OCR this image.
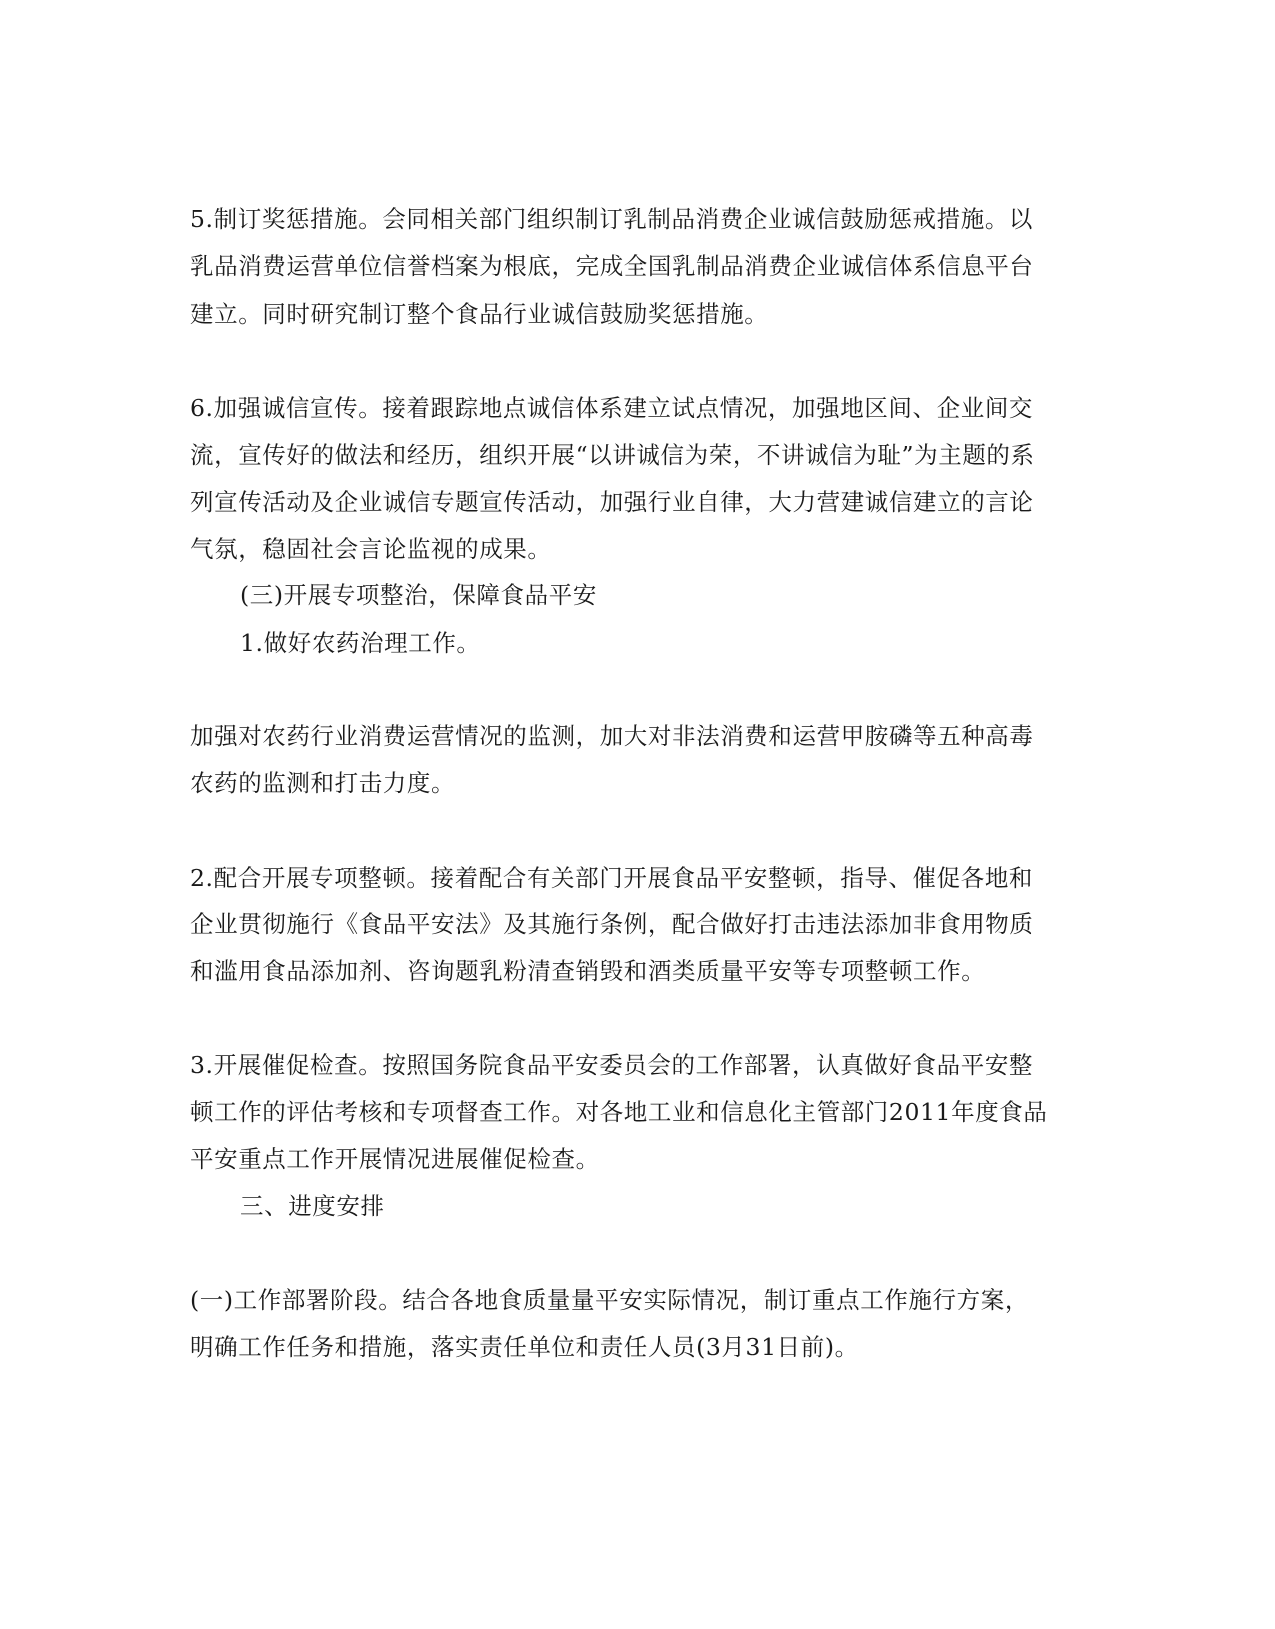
5.制订奖惩措施。会同相关部门组织制订乳制品消费企业诚信鼓励惩戒措施。以
乳品消费运营单位信誉档案为根底，完成全国乳制品消费企业诚信体系信息平台
建立。同时研究制订整个食品行业诚信鼓励奖惩措施。
6.加强诚信宣传。接着跟踪地点诚信体系建立试点情况，加强地区间、企业间交
流，宣传好的做法和经历，组织开展“以讲诚信为荣，不讲诚信为耻”为主题的系
列宣传活动及企业诚信专题宣传活动，加强行业自律，大力营建诚信建立的言论
气氛，稳固社会言论监视的成果。
(三)开展专项整治，保障食品平安
1.做好农药治理工作。
加强对农药行业消费运营情况的监测，加大对非法消费和运营甲胺磷等五种高毒
农药的监测和打击力度。
2.配合开展专项整顿。接着配合有关部门开展食品平安整顿，指导、催促各地和
企业贯彻施行《食品平安法》及其施行条例，配合做好打击违法添加非食用物质
和滥用食品添加剂、咨询题乳粉清查销毁和酒类质量平安等专项整顿工作。
3.开展催促检查。按照国务院食品平安委员会的工作部署，认真做好食品平安整
顿工作的评估考核和专项督查工作。对各地工业和信息化主管部门2011年度食品
平安重点工作开展情况进展催促检查。
三、进度安排
(一)工作部署阶段。结合各地食质量量平安实际情况，制订重点工作施行方案，
明确工作任务和措施，落实责任单位和责任人员(3月31日前)。
